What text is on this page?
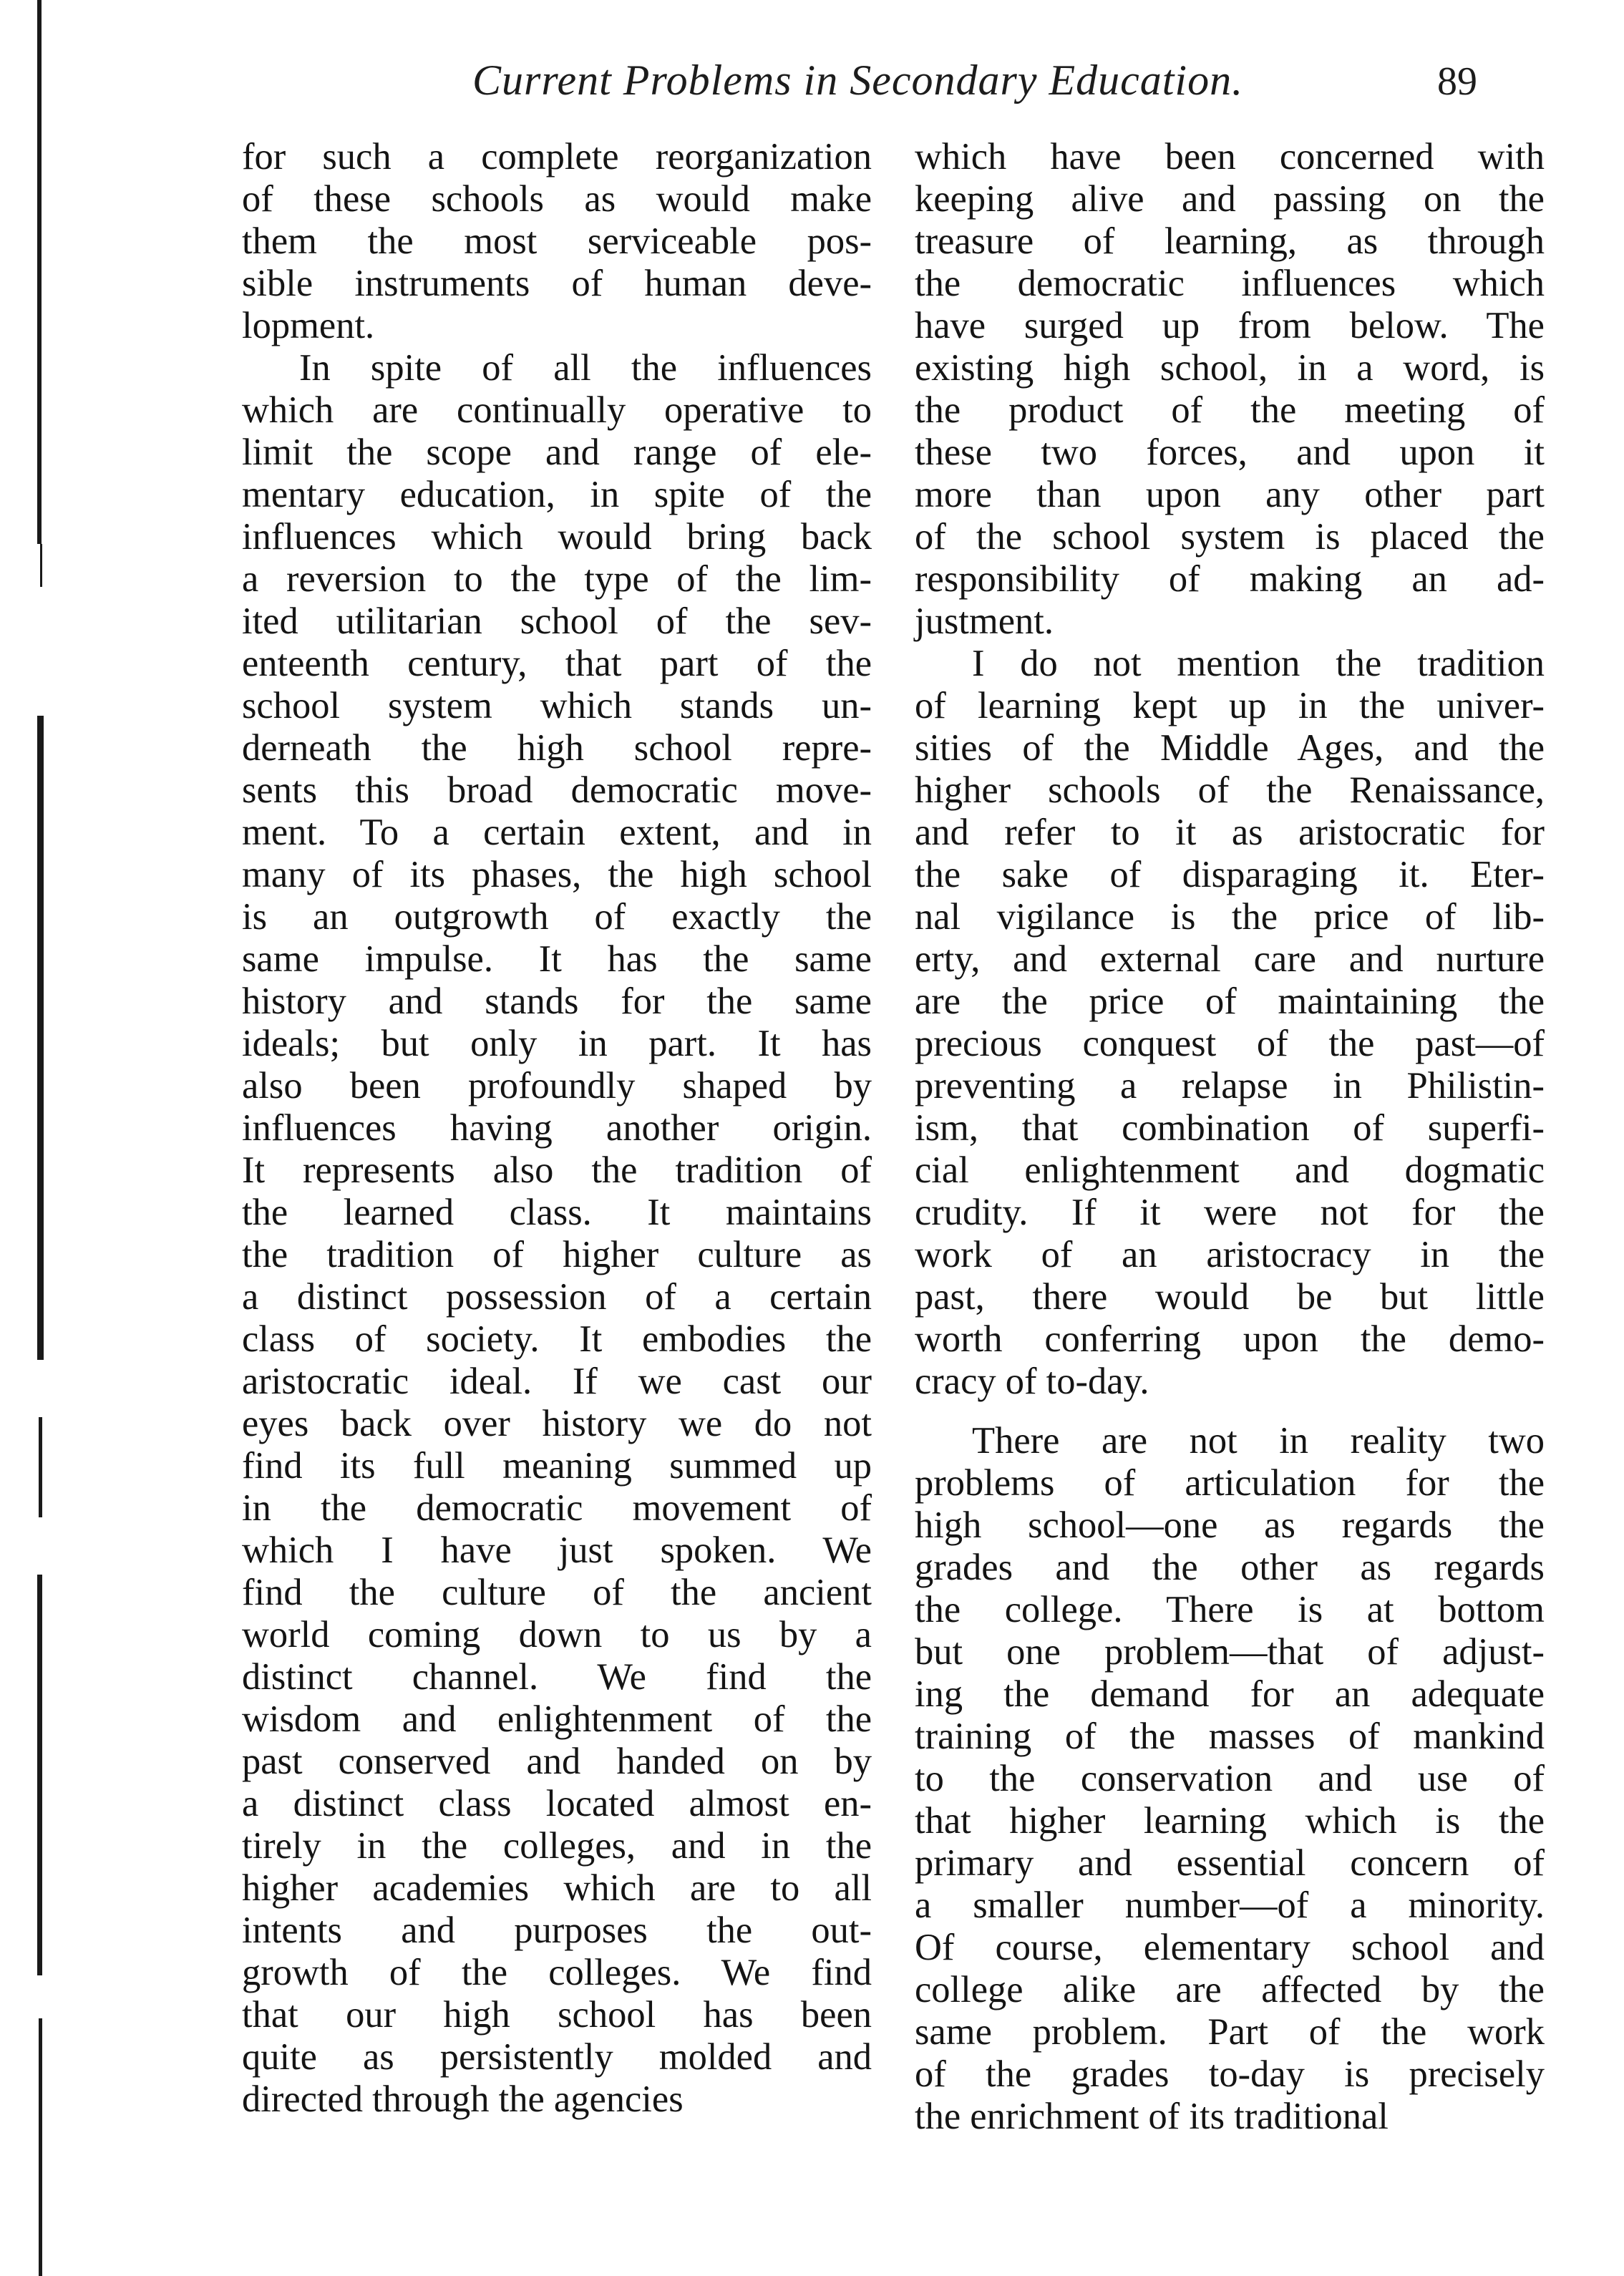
Current Problems in Secondary Education.	89

for such a complete reorganization
of these schools as would make
them the most serviceable pos-
sible instruments of human deve-
lopment.

In spite of all the influences
which are continually operative to
limit the scope and range of ele-
mentary education, in spite of the
influences which would bring back
a reversion to the type of the lim-
ited utilitarian school of the sev-
enteenth century, that part of the
school system which stands un-
derneath the high school repre-
sents this broad democratic move-
ment. To a certain extent, and in
many of its phases, the high school
is an outgrowth of exactly the
same impulse. It has the same
history and stands for the same
ideals; but only in part. It has
also been profoundly shaped by
influences having another origin.
It represents also the tradition of
the learned class. It maintains
the tradition of higher culture as
a distinct possession of a certain
class of society. It embodies the
aristocratic ideal. If we cast our
eyes back over history we do not
find its full meaning summed up
in the democratic movement of
which I have just spoken. We
find the culture of the ancient
world coming down to us by a
distinct channel. We find the
wisdom and enlightenment of the
past conserved and handed on by
a distinct class located almost en-
tirely in the colleges, and in the
higher academies which are to all
intents and purposes the out-
growth of the colleges. We find
that our high school has been
quite as persistently molded and
directed through the agencies

which have been concerned with
keeping alive and passing on the
treasure of learning, as through
the democratic influences which
have surged up from below. The
existing high school, in a word, is
the product of the meeting of
these two forces, and upon it
more than upon any other part
of the school system is placed the
responsibility of making an ad-
justment.

I do not mention the tradition
of learning kept up in the univer-
sities of the Middle Ages, and the
higher schools of the Renaissance,
and refer to it as aristocratic for
the sake of disparaging it. Eter-
nal vigilance is the price of lib-
erty, and external care and nurture
are the price of maintaining the
precious conquest of the past—of
preventing a relapse in Philistin-
ism, that combination of superfi-
cial enlightenment and dogmatic
crudity. If it were not for the
work of an aristocracy in the
past, there would be but little
worth conferring upon the demo-
cracy of to-day.

There are not in reality two
problems of articulation for the
high school—one as regards the
grades and the other as regards
the college. There is at bottom
but one problem—that of adjust-
ing the demand for an adequate
training of the masses of mankind
to the conservation and use of
that higher learning which is the
primary and essential concern of
a smaller number—of a minority.
Of course, elementary school and
college alike are affected by the
same problem. Part of the work
of the grades to-day is precisely
the enrichment of its traditional
